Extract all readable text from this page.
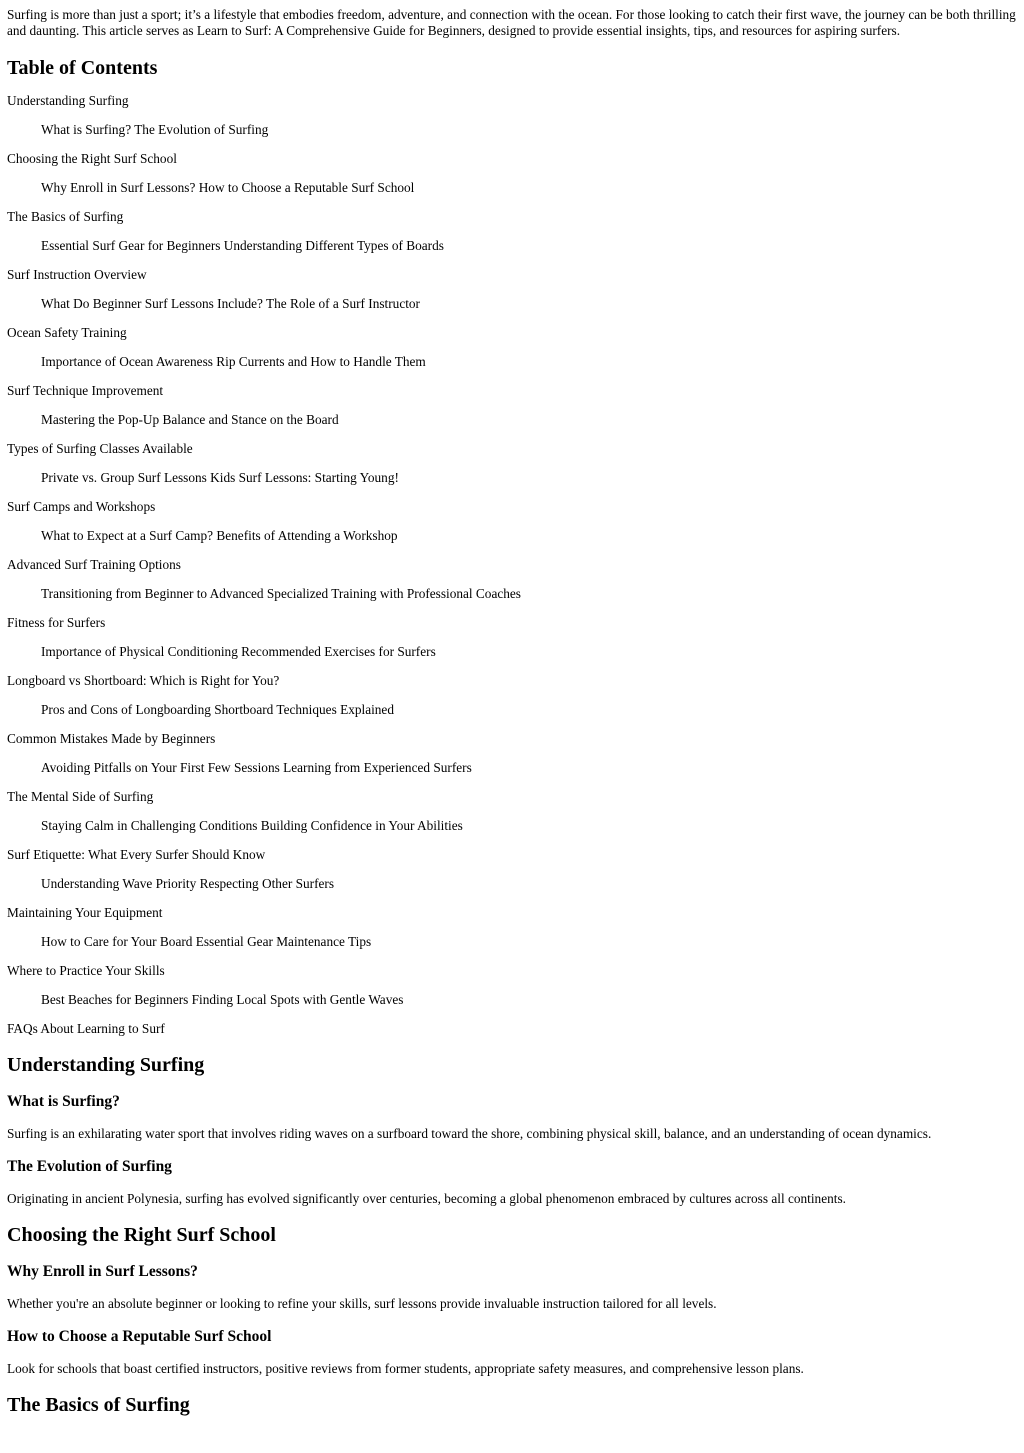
Surfing is more than just a sport; it’s a lifestyle that embodies freedom, adventure, and connection with the ocean. For those looking to catch their first wave, the journey can be both thrilling and daunting. This article serves as Learn to Surf: A Comprehensive Guide for Beginners, designed to provide essential insights, tips, and resources for aspiring surfers.

Table of Contents
Understanding Surfing
What is Surfing? The Evolution of Surfing
Choosing the Right Surf School
Why Enroll in Surf Lessons? How to Choose a Reputable Surf School
The Basics of Surfing
Essential Surf Gear for Beginners Understanding Different Types of Boards
Surf Instruction Overview
What Do Beginner Surf Lessons Include? The Role of a Surf Instructor
Ocean Safety Training
Importance of Ocean Awareness Rip Currents and How to Handle Them
Surf Technique Improvement
Mastering the Pop-Up Balance and Stance on the Board
Types of Surfing Classes Available
Private vs. Group Surf Lessons Kids Surf Lessons: Starting Young!
Surf Camps and Workshops
What to Expect at a Surf Camp? Benefits of Attending a Workshop
Advanced Surf Training Options
Transitioning from Beginner to Advanced Specialized Training with Professional Coaches
Fitness for Surfers
Importance of Physical Conditioning Recommended Exercises for Surfers
Longboard vs Shortboard: Which is Right for You?
Pros and Cons of Longboarding Shortboard Techniques Explained
Common Mistakes Made by Beginners
Avoiding Pitfalls on Your First Few Sessions Learning from Experienced Surfers
The Mental Side of Surfing
Staying Calm in Challenging Conditions Building Confidence in Your Abilities
Surf Etiquette: What Every Surfer Should Know
Understanding Wave Priority Respecting Other Surfers
Maintaining Your Equipment
How to Care for Your Board Essential Gear Maintenance Tips
Where to Practice Your Skills
Best Beaches for Beginners Finding Local Spots with Gentle Waves
FAQs About Learning to Surf
Understanding Surfing
What is Surfing?

Surfing is an exhilarating water sport that involves riding waves on a surfboard toward the shore, combining physical skill, balance, and an understanding of ocean dynamics.

The Evolution of Surfing

Originating in ancient Polynesia, surfing has evolved significantly over centuries, becoming a global phenomenon embraced by cultures across all continents.

Choosing the Right Surf School
Why Enroll in Surf Lessons?

Whether you're an absolute beginner or looking to refine your skills, surf lessons provide invaluable instruction tailored for all levels.

How to Choose a Reputable Surf School

Look for schools that boast certified instructors, positive reviews from former students, appropriate safety measures, and comprehensive lesson plans.

The Basics of Surfing
